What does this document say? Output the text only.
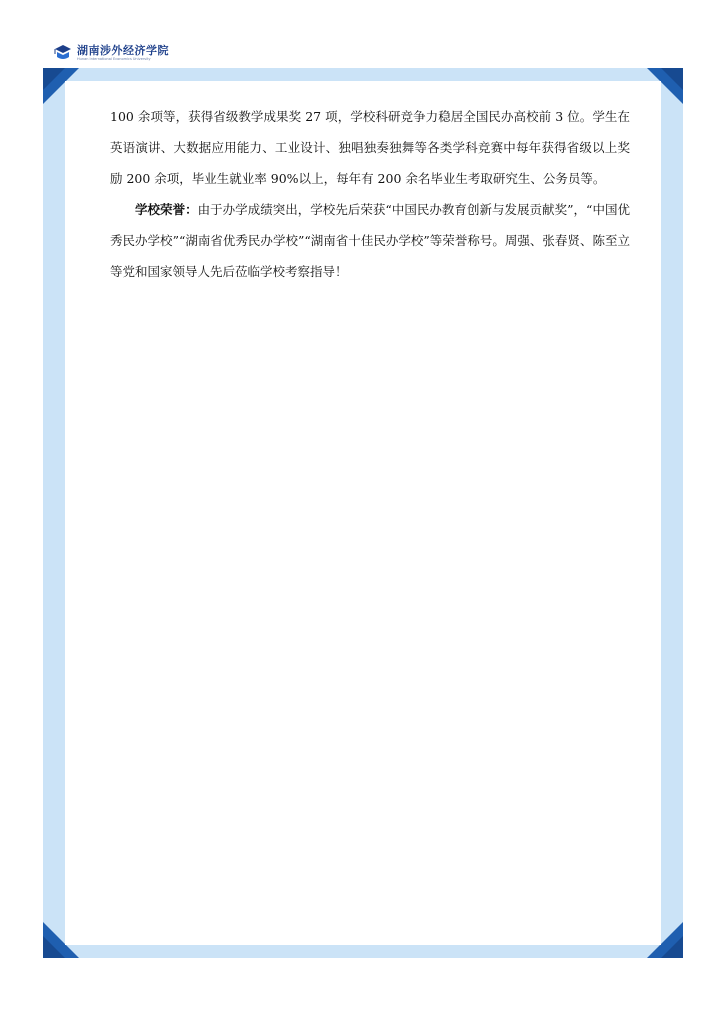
湖南涉外经济学院
Hunan International Economics University

100 余项等，获得省级教学成果奖 27 项，学校科研竞争力稳居全国民办高校前 3 位。学生在英语演讲、大数据应用能力、工业设计、独唱独奏独舞等各类学科竞赛中每年获得省级以上奖励 200 余项，毕业生就业率 90%以上，每年有 200 余名毕业生考取研究生、公务员等。

学校荣誉：由于办学成绩突出，学校先后荣获“中国民办教育创新与发展贡献奖”，“中国优秀民办学校”“湖南省优秀民办学校”“湖南省十佳民办学校”等荣誉称号。周强、张春贤、陈至立等党和国家领导人先后莅临学校考察指导！
